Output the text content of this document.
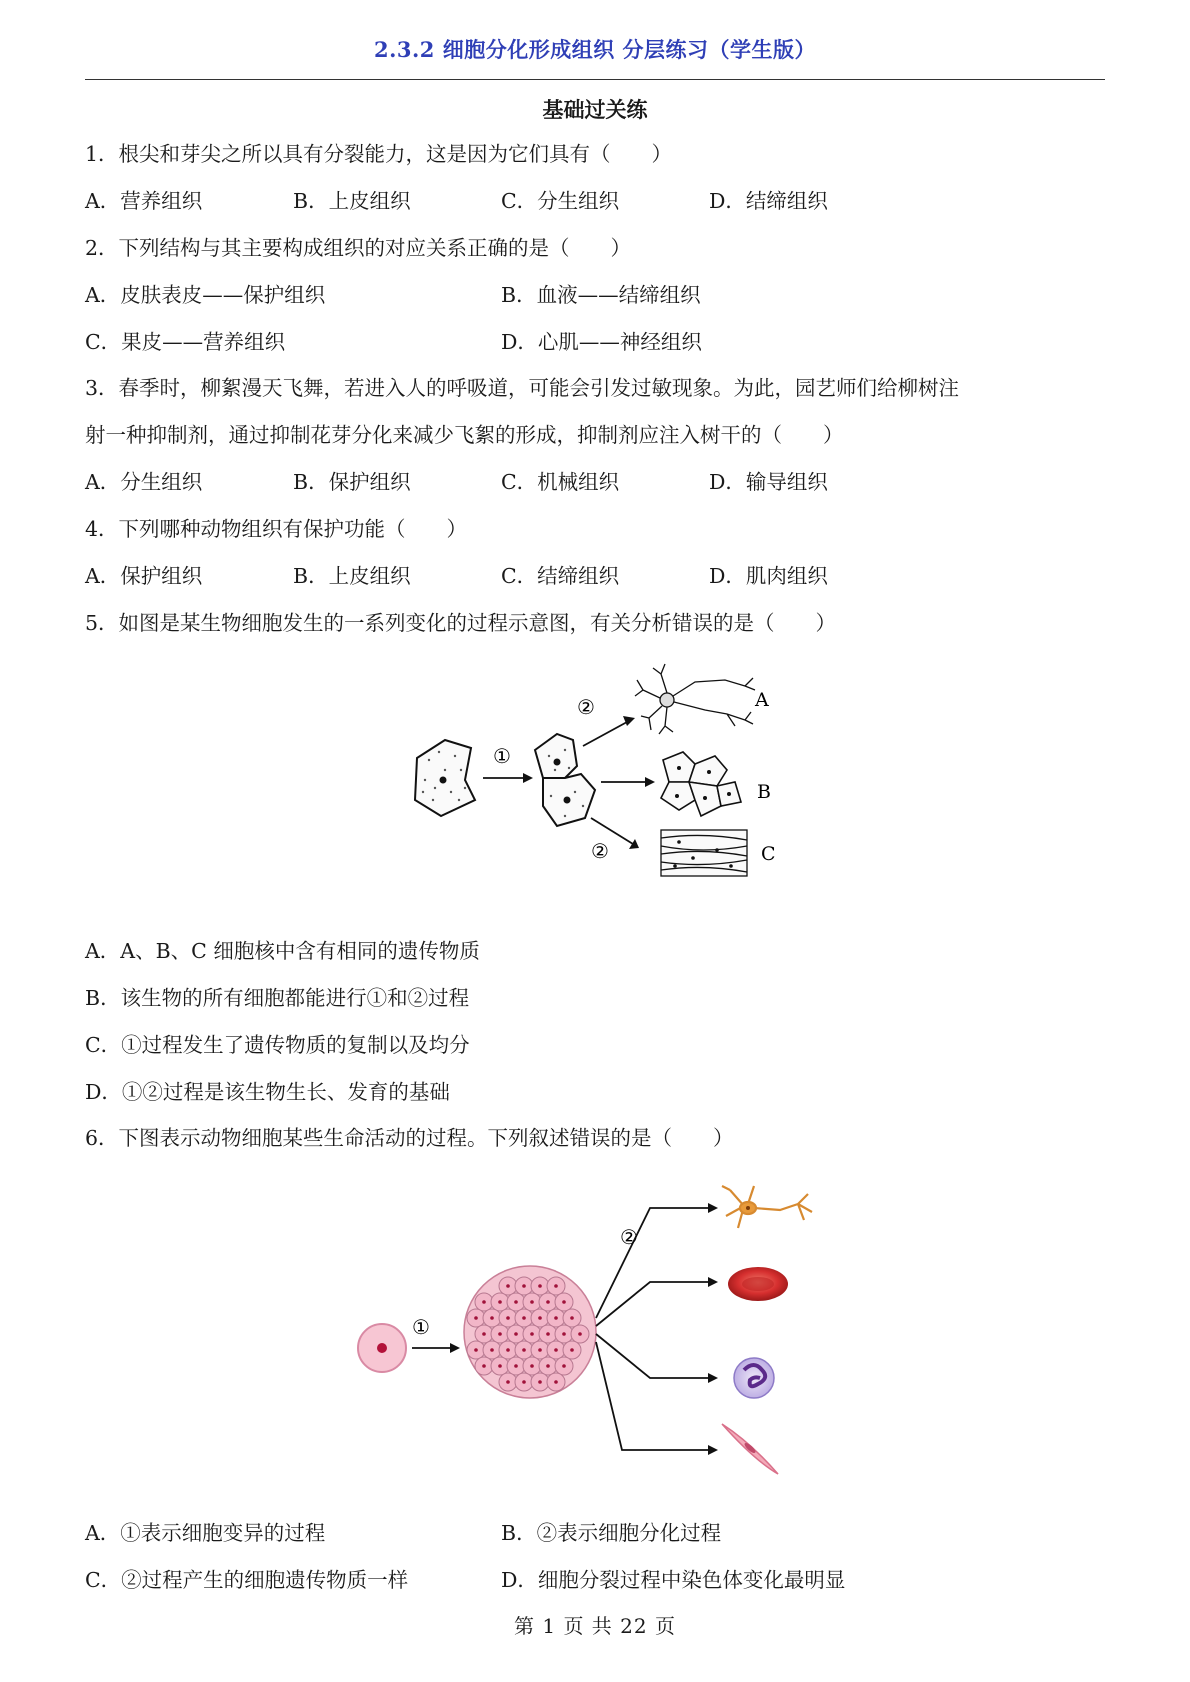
2.3.2 细胞分化形成组织 分层练习（学生版）
基础过关练
1．根尖和芽尖之所以具有分裂能力，这是因为它们具有（　　）
A．营养组织	B．上皮组织	C．分生组织	D．结缔组织
2．下列结构与其主要构成组织的对应关系正确的是（　　）
A．皮肤表皮——保护组织	B．血液——结缔组织
C．果皮——营养组织	D．心肌——神经组织
3．春季时，柳絮漫天飞舞，若进入人的呼吸道，可能会引发过敏现象。为此，园艺师们给柳树注
射一种抑制剂，通过抑制花芽分化来减少飞絮的形成，抑制剂应注入树干的（　　）
A．分生组织	B．保护组织	C．机械组织	D．输导组织
4．下列哪种动物组织有保护功能（　　）
A．保护组织	B．上皮组织	C．结缔组织	D．肌肉组织
5．如图是某生物细胞发生的一系列变化的过程示意图，有关分析错误的是（　　）
①
②
②
A
B
C
A．A、B、C 细胞核中含有相同的遗传物质
B．该生物的所有细胞都能进行①和②过程
C．①过程发生了遗传物质的复制以及均分
D．①②过程是该生物生长、发育的基础
6．下图表示动物细胞某些生命活动的过程。下列叙述错误的是（　　）
①
②
A．①表示细胞变异的过程	B．②表示细胞分化过程
C．②过程产生的细胞遗传物质一样	D．细胞分裂过程中染色体变化最明显
第 1 页 共 22 页
